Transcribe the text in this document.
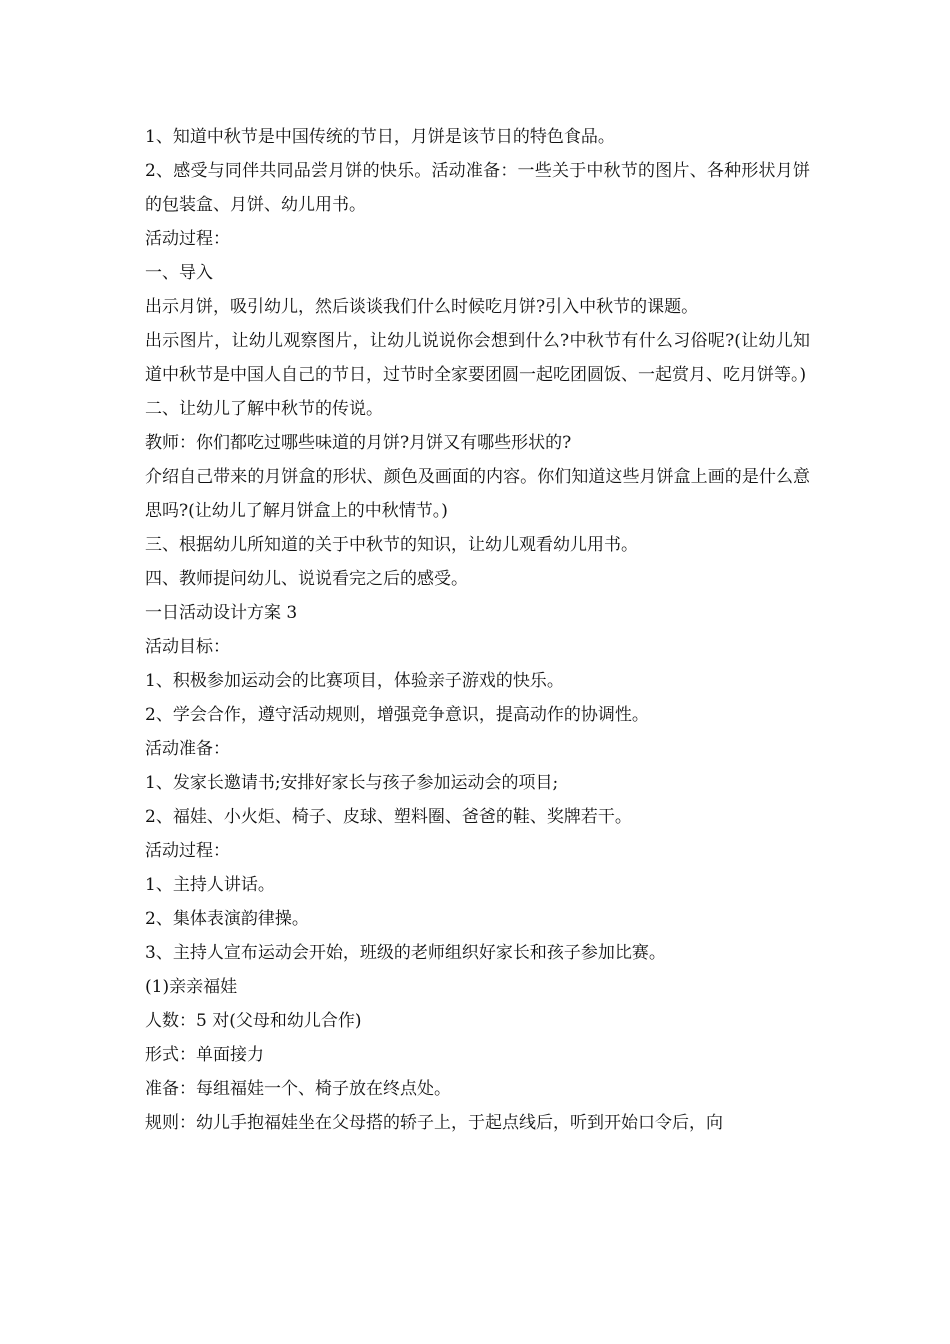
1、知道中秋节是中国传统的节日，月饼是该节日的特色食品。

2、感受与同伴共同品尝月饼的快乐。活动准备：一些关于中秋节的图片、各种形状月饼的包装盒、月饼、幼儿用书。

活动过程：

一、导入

出示月饼，吸引幼儿，然后谈谈我们什么时候吃月饼?引入中秋节的课题。

出示图片，让幼儿观察图片，让幼儿说说你会想到什么?中秋节有什么习俗呢?(让幼儿知道中秋节是中国人自己的节日，过节时全家要团圆一起吃团圆饭、一起赏月、吃月饼等。)

二、让幼儿了解中秋节的传说。

教师：你们都吃过哪些味道的月饼?月饼又有哪些形状的?

介绍自己带来的月饼盒的形状、颜色及画面的内容。你们知道这些月饼盒上画的是什么意思吗?(让幼儿了解月饼盒上的中秋情节。)

三、根据幼儿所知道的关于中秋节的知识，让幼儿观看幼儿用书。

四、教师提问幼儿、说说看完之后的感受。

一日活动设计方案 3

活动目标：

1、积极参加运动会的比赛项目，体验亲子游戏的快乐。

2、学会合作，遵守活动规则，增强竞争意识，提高动作的协调性。

活动准备：

1、发家长邀请书;安排好家长与孩子参加运动会的项目;

2、福娃、小火炬、椅子、皮球、塑料圈、爸爸的鞋、奖牌若干。

活动过程：

1、主持人讲话。

2、集体表演韵律操。

3、主持人宣布运动会开始，班级的老师组织好家长和孩子参加比赛。

(1)亲亲福娃

人数：5 对(父母和幼儿合作)

形式：单面接力

准备：每组福娃一个、椅子放在终点处。

规则：幼儿手抱福娃坐在父母搭的轿子上，于起点线后，听到开始口令后，向
